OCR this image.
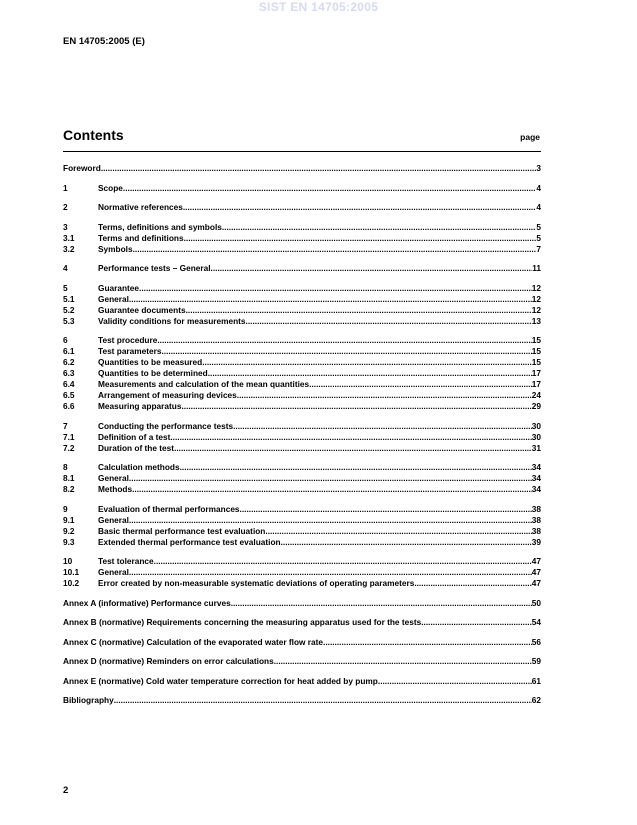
SIST EN 14705:2005
EN 14705:2005 (E)
Contents	page
Foreword .....	3
1	Scope .....	4
2	Normative references .....	4
3	Terms, definitions and symbols .....	5
3.1	Terms and definitions .....	5
3.2	Symbols .....	7
4	Performance tests – General .....	11
5	Guarantee .....	12
5.1	General .....	12
5.2	Guarantee documents .....	12
5.3	Validity conditions for measurements .....	13
6	Test procedure .....	15
6.1	Test parameters .....	15
6.2	Quantities to be measured .....	15
6.3	Quantities to be determined .....	17
6.4	Measurements and calculation of the mean quantities .....	17
6.5	Arrangement of measuring devices .....	24
6.6	Measuring apparatus .....	29
7	Conducting the performance tests .....	30
7.1	Definition of a test .....	30
7.2	Duration of the test .....	31
8	Calculation methods .....	34
8.1	General .....	34
8.2	Methods .....	34
9	Evaluation of thermal performances .....	38
9.1	General .....	38
9.2	Basic thermal performance test evaluation .....	38
9.3	Extended thermal performance test evaluation .....	39
10	Test tolerance .....	47
10.1	General .....	47
10.2	Error created by non-measurable systematic deviations of operating parameters .....	47
Annex A (informative) Performance curves .....	50
Annex B (normative) Requirements concerning the measuring apparatus used for the tests .....	54
Annex C (normative) Calculation of the evaporated water flow rate .....	56
Annex D (normative) Reminders on error calculations .....	59
Annex E (normative) Cold water temperature correction for heat added by pump .....	61
Bibliography .....	62
2
